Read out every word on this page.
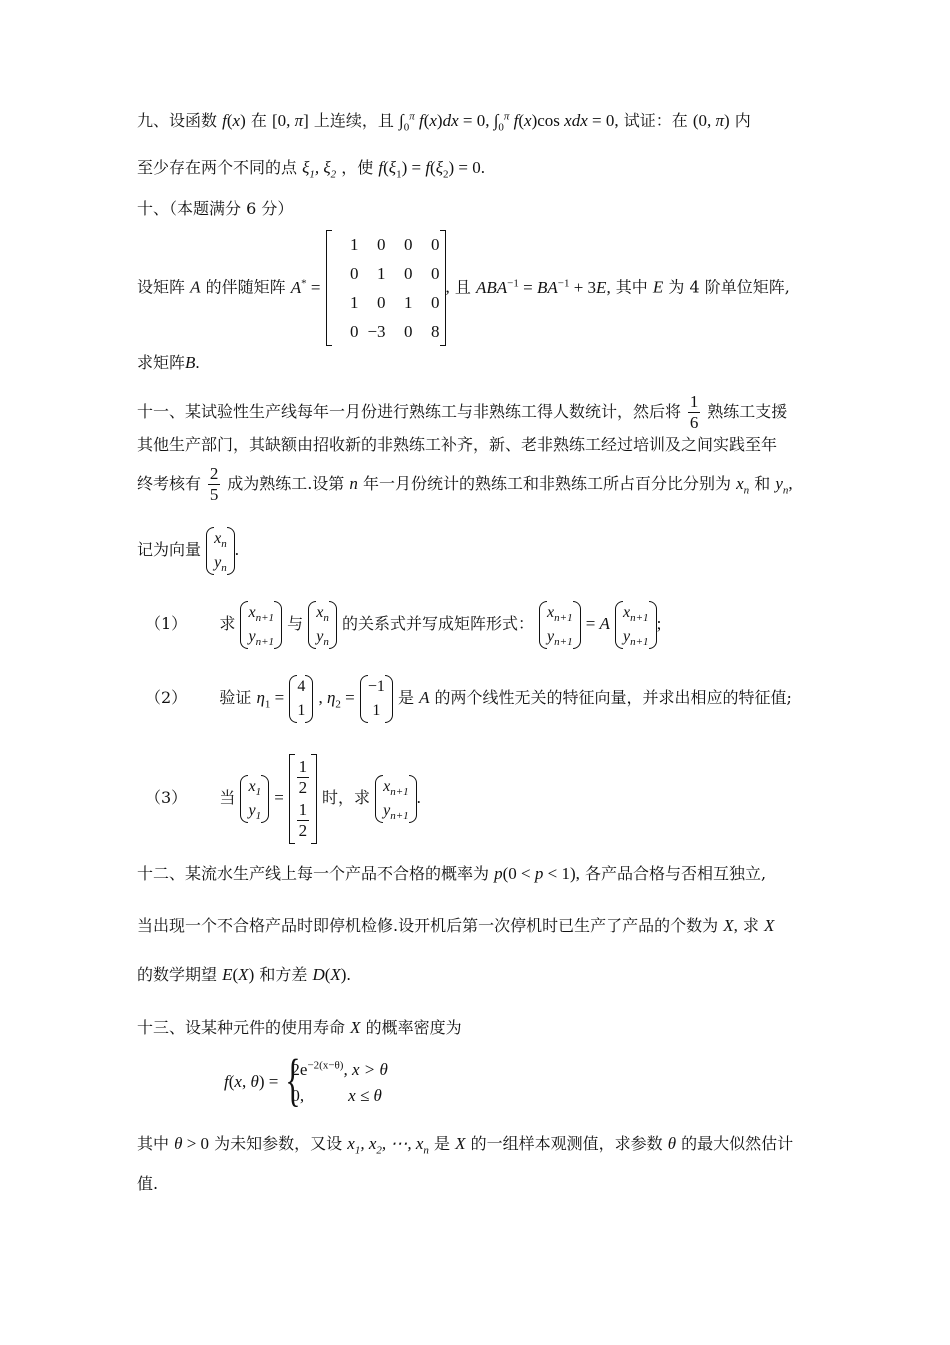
九、设函数 f(x) 在 [0, π] 上连续，且 $\int_0^\pi$ f(x)dx = 0, $\int_0^\pi$ f(x)cos xdx = 0, 试证：在 (0, π) 内
至少存在两个不同的点 $\xi_1$, $\xi_2$ ，使 $f(\xi_1) = f(\xi_2) = 0$.
十、（本题满分 6 分）
设矩阵 A 的伴随矩阵 A* =
1	0	0	0
0	1	0	0
1	0	1	0
0 −3	0	8
, 且 $ABA^{-1} = BA^{-1} + 3E$, 其中 E 为 4 阶单位矩阵,
求矩阵B.
十一、某试验性生产线每年一月份进行熟练工与非熟练工得人数统计，然后将 $\frac{1}{6}$ 熟练工支援
其他生产部门，其缺额由招收新的非熟练工补齐，新、老非熟练工经过培训及之间实践至年
终考核有 $\frac{2}{5}$ 成为熟练工.设第 n 年一月份统计的熟练工和非熟练工所占百分比分别为 $x_n$ 和 $y_n$,
记为向量
$x_n$
$y_n$
.
（1） 求
$x_{n+1}$
$y_{n+1}$
与
$x_n$
$y_n$
的关系式并写成矩阵形式：
$x_{n+1}$
$y_{n+1}$
= A
$x_{n+1}$
$y_{n+1}$
;
（2） 验证 $\eta_1$ =
4
1
, $\eta_2$ =
−1
1
是 A 的两个线性无关的特征向量，并求出相应的特征值;
（3） 当
$x_1$
$y_1$
= $\frac{1}{2}$
$\frac{1}{2}$
时，求
$x_{n+1}$
$y_{n+1}$
.
十二、某流水生产线上每一个产品不合格的概率为 p(0 < p < 1), 各产品合格与否相互独立,
当出现一个不合格产品时即停机检修.设开机后第一次停机时已生产了产品的个数为 X, 求 X
的数学期望 E(X) 和方差 D(X).
十三、设某种元件的使用寿命 X 的概率密度为
f(x, θ) =
{ $2e^{-2(x-\theta)}$, x > θ
0,	x ≤ θ
其中 θ > 0 为未知参数，又设 $x_1$, $x_2$, ⋯, $x_n$ 是 X 的一组样本观测值，求参数 θ 的最大似然估计
值.
